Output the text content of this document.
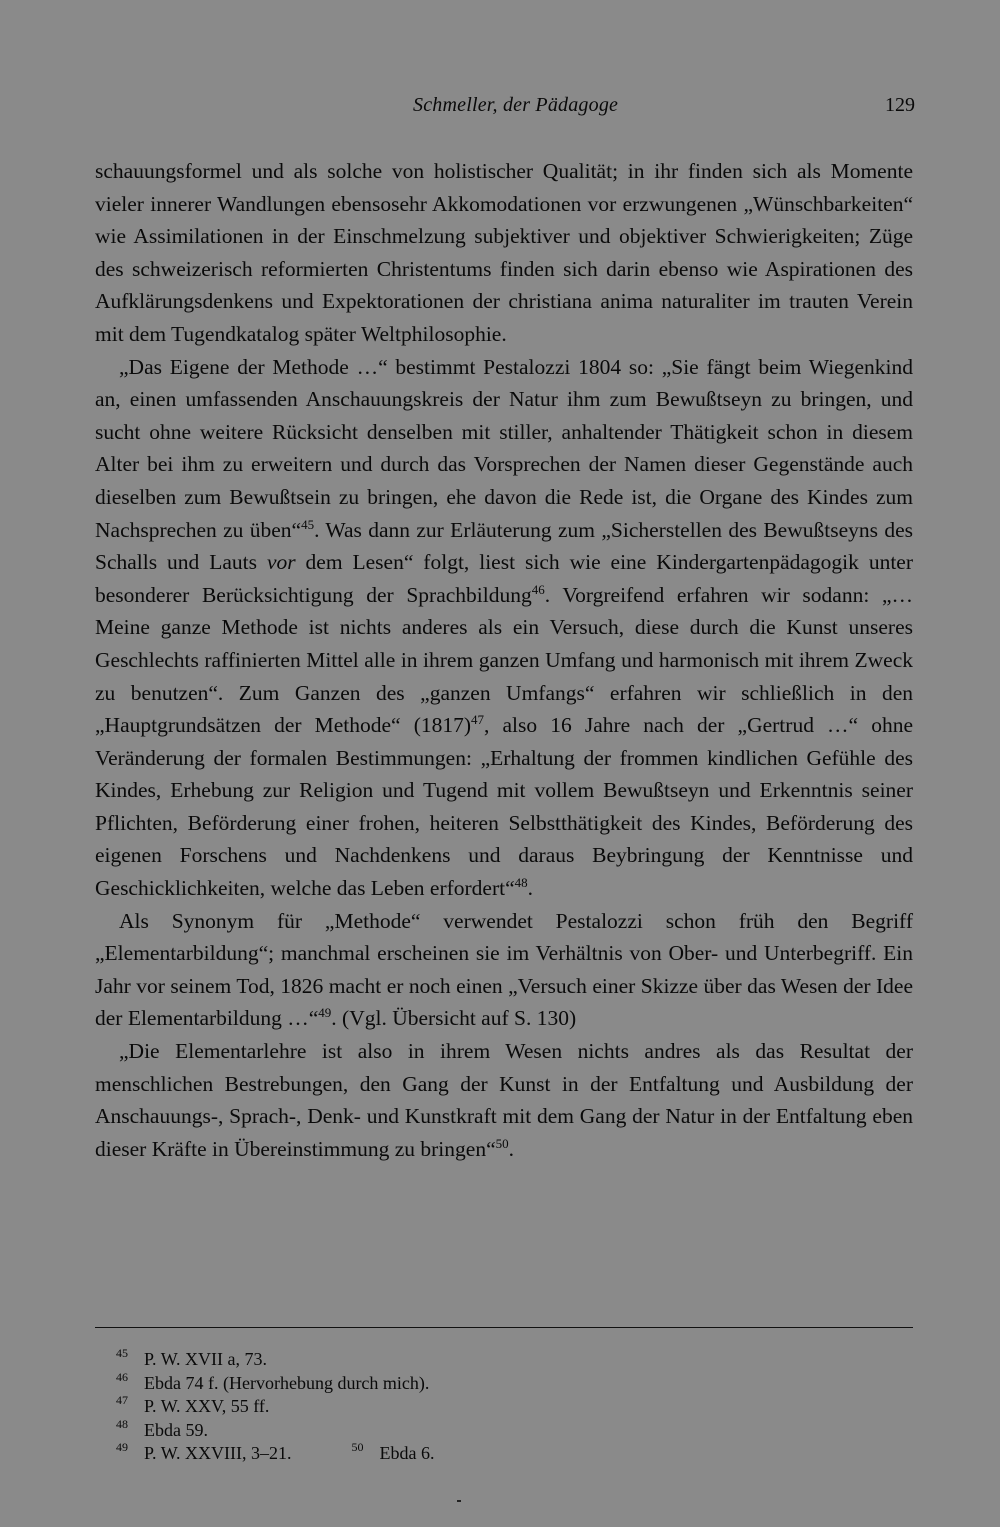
Schmeller, der Pädagoge	129

schauungsformel und als solche von holistischer Qualität; in ihr finden sich als Momente vieler innerer Wandlungen ebensosehr Akkomodationen vor erzwungenen „Wünschbarkeiten“ wie Assimilationen in der Einschmelzung subjektiver und objektiver Schwierigkeiten; Züge des schweizerisch reformierten Christentums finden sich darin ebenso wie Aspirationen des Aufklärungsdenkens und Expektorationen der christiana anima naturaliter im trauten Verein mit dem Tugendkatalog später Weltphilosophie.

„Das Eigene der Methode …“ bestimmt Pestalozzi 1804 so: „Sie fängt beim Wiegenkind an, einen umfassenden Anschauungskreis der Natur ihm zum Bewußtseyn zu bringen, und sucht ohne weitere Rücksicht denselben mit stiller, anhaltender Thätigkeit schon in diesem Alter bei ihm zu erweitern und durch das Vorsprechen der Namen dieser Gegenstände auch dieselben zum Bewußtsein zu bringen, ehe davon die Rede ist, die Organe des Kindes zum Nachsprechen zu üben“$^{45}$. Was dann zur Erläuterung zum „Sicherstellen des Bewußtseyns des Schalls und Lauts vor dem Lesen“ folgt, liest sich wie eine Kindergartenpädagogik unter besonderer Berücksichtigung der Sprachbildung$^{46}$. Vorgreifend erfahren wir sodann: „… Meine ganze Methode ist nichts anderes als ein Versuch, diese durch die Kunst unseres Geschlechts raffinierten Mittel alle in ihrem ganzen Umfang und harmonisch mit ihrem Zweck zu benutzen“. Zum Ganzen des „ganzen Umfangs“ erfahren wir schließlich in den „Hauptgrundsätzen der Methode“ $(1817)^{47}$, also 16 Jahre nach der „Gertrud …“ ohne Veränderung der formalen Bestimmungen: „Erhaltung der frommen kindlichen Gefühle des Kindes, Erhebung zur Religion und Tugend mit vollem Bewußtseyn und Erkenntnis seiner Pflichten, Beförderung einer frohen, heiteren Selbstthätigkeit des Kindes, Beförderung des eigenen Forschens und Nachdenkens und daraus Beybringung der Kenntnisse und Geschicklichkeiten, welche das Leben erfordert“$^{48}$.

Als Synonym für „Methode“ verwendet Pestalozzi schon früh den Begriff „Elementarbildung“; manchmal erscheinen sie im Verhältnis von Ober- und Unterbegriff. Ein Jahr vor seinem Tod, 1826 macht er noch einen „Versuch einer Skizze über das Wesen der Idee der Elementarbildung …“$^{49}$. (Vgl. Übersicht auf S. 130)

„Die Elementarlehre ist also in ihrem Wesen nichts andres als das Resultat der menschlichen Bestrebungen, den Gang der Kunst in der Entfaltung und Ausbildung der Anschauungs-, Sprach-, Denk- und Kunstkraft mit dem Gang der Natur in der Entfaltung eben dieser Kräfte in Übereinstimmung zu bringen“$^{50}$.

45 P. W. XVII a, 73.
46 Ebda 74 f. (Hervorhebung durch mich).
47 P. W. XXV, 55 ff.
48 Ebda 59.
49 P. W. XXVIII, 3–21.	50 Ebda 6.
